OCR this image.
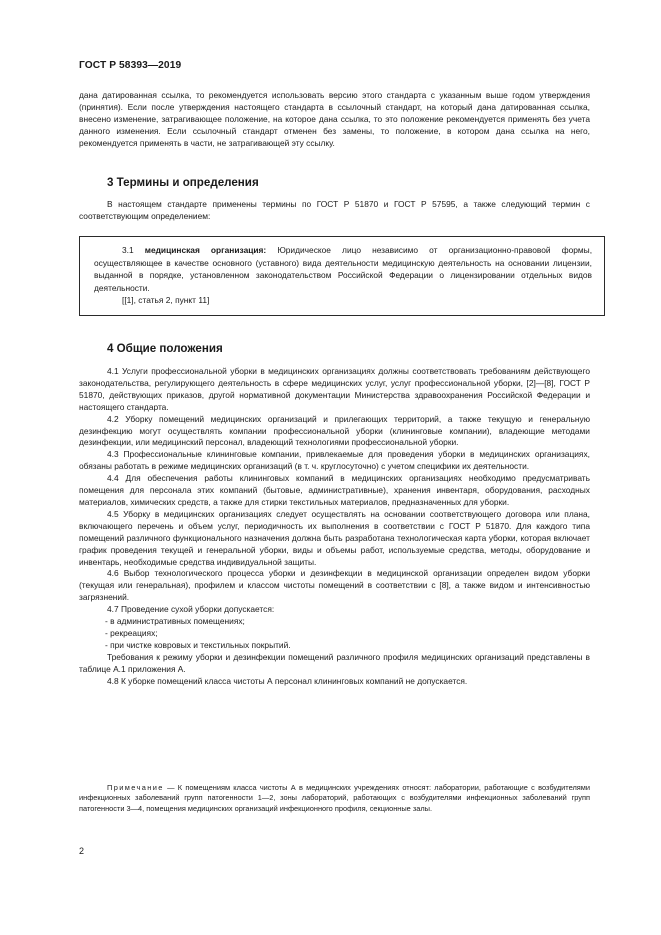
ГОСТ Р 58393—2019

дана датированная ссылка, то рекомендуется использовать версию этого стандарта с указанным выше годом утверждения (принятия). Если после утверждения настоящего стандарта в ссылочный стандарт, на который дана датированная ссылка, внесено изменение, затрагивающее положение, на которое дана ссылка, то это положение рекомендуется применять без учета данного изменения. Если ссылочный стандарт отменен без замены, то положение, в котором дана ссылка на него, рекомендуется применять в части, не затрагивающей эту ссылку.

3 Термины и определения

В настоящем стандарте применены термины по ГОСТ Р 51870 и ГОСТ Р 57595, а также следующий термин с соответствующим определением:

3.1 медицинская организация: Юридическое лицо независимо от организационно-правовой формы, осуществляющее в качестве основного (уставного) вида деятельности медицинскую деятельность на основании лицензии, выданной в порядке, установленном законодательством Российской Федерации о лицензировании отдельных видов деятельности.

[[1], статья 2, пункт 11]

4 Общие положения

4.1 Услуги профессиональной уборки в медицинских организациях должны соответствовать требованиям действующего законодательства, регулирующего деятельность в сфере медицинских услуг, услуг профессиональной уборки, [2]—[8], ГОСТ Р 51870, действующих приказов, другой нормативной документации Министерства здравоохранения Российской Федерации и настоящего стандарта.

4.2 Уборку помещений медицинских организаций и прилегающих территорий, а также текущую и генеральную дезинфекцию могут осуществлять компании профессиональной уборки (клининговые компании), владеющие методами дезинфекции, или медицинский персонал, владеющий технологиями профессиональной уборки.

4.3 Профессиональные клининговые компании, привлекаемые для проведения уборки в медицинских организациях, обязаны работать в режиме медицинских организаций (в т. ч. круглосуточно) с учетом специфики их деятельности.

4.4 Для обеспечения работы клининговых компаний в медицинских организациях необходимо предусматривать помещения для персонала этих компаний (бытовые, административные), хранения инвентаря, оборудования, расходных материалов, химических средств, а также для стирки текстильных материалов, предназначенных для уборки.

4.5 Уборку в медицинских организациях следует осуществлять на основании соответствующего договора или плана, включающего перечень и объем услуг, периодичность их выполнения в соответствии с ГОСТ Р 51870. Для каждого типа помещений различного функционального назначения должна быть разработана технологическая карта уборки, которая включает график проведения текущей и генеральной уборки, виды и объемы работ, используемые средства, методы, оборудование и инвентарь, необходимые средства индивидуальной защиты.

4.6 Выбор технологического процесса уборки и дезинфекции в медицинской организации определен видом уборки (текущая или генеральная), профилем и классом чистоты помещений в соответствии с [8], а также видом и интенсивностью загрязнений.

4.7 Проведение сухой уборки допускается:

- в административных помещениях;

- рекреациях;

- при чистке ковровых и текстильных покрытий.

Требования к режиму уборки и дезинфекции помещений различного профиля медицинских организаций представлены в таблице А.1 приложения А.

4.8 К уборке помещений класса чистоты А персонал клининговых компаний не допускается.

Примечание — К помещениям класса чистоты А в медицинских учреждениях относят: лаборатории, работающие с возбудителями инфекционных заболеваний групп патогенности 1—2, зоны лабораторий, работающих с возбудителями инфекционных заболеваний групп патогенности 3—4, помещения медицинских организаций инфекционного профиля, секционные залы.

2
